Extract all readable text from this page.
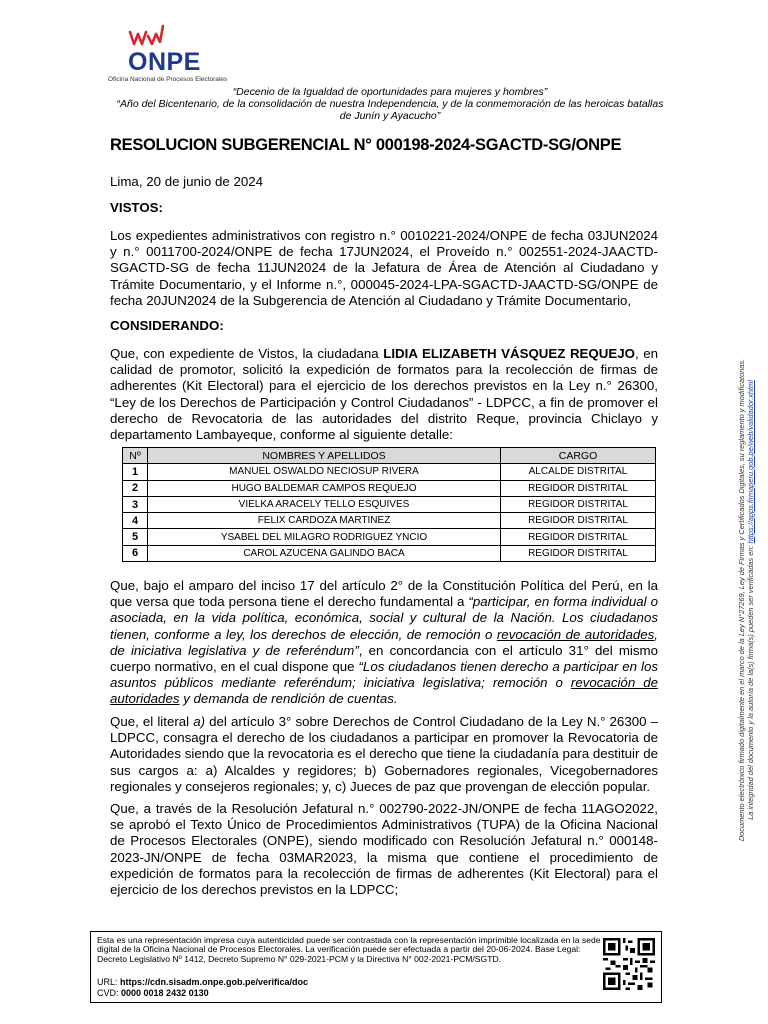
ONPE
Oficina Nacional de Procesos Electorales
“Decenio de la Igualdad de oportunidades para mujeres y hombres”
“Año del Bicentenario, de la consolidación de nuestra Independencia, y de la conmemoración de las heroicas batallas
de Junín y Ayacucho”
RESOLUCION SUBGERENCIAL N° 000198-2024-SGACTD-SG/ONPE
Lima, 20 de junio de 2024
VISTOS:
Los expedientes administrativos con registro n.° 0010221-2024/ONPE de fecha 03JUN2024 y n.° 0011700-2024/ONPE de fecha 17JUN2024, el Proveído n.° 002551-2024-JAACTD-SGACTD-SG de fecha 11JUN2024 de la Jefatura de Área de Atención al Ciudadano y Trámite Documentario, y el Informe n.°, 000045-2024-LPA-SGACTD-JAACTD-SG/ONPE de fecha 20JUN2024 de la Subgerencia de Atención al Ciudadano y Trámite Documentario,
CONSIDERANDO:
Que, con expediente de Vistos, la ciudadana LIDIA ELIZABETH VÁSQUEZ REQUEJO, en calidad de promotor, solicitó la expedición de formatos para la recolección de firmas de adherentes (Kit Electoral) para el ejercicio de los derechos previstos en la Ley n.° 26300, “Ley de los Derechos de Participación y Control Ciudadanos” - LDPCC, a fin de promover el derecho de Revocatoria de las autoridades del distrito Reque, provincia Chiclayo y departamento Lambayeque, conforme al siguiente detalle:
Nº	NOMBRES Y APELLIDOS	CARGO
1	MANUEL OSWALDO NECIOSUP RIVERA	ALCALDE DISTRITAL
2	HUGO BALDEMAR CAMPOS REQUEJO	REGIDOR DISTRITAL
3	VIELKA ARACELY TELLO ESQUIVES	REGIDOR DISTRITAL
4	FELIX CARDOZA MARTINEZ	REGIDOR DISTRITAL
5	YSABEL DEL MILAGRO RODRIGUEZ YNCIO	REGIDOR DISTRITAL
6	CAROL AZUCENA GALINDO BACA	REGIDOR DISTRITAL
Que, bajo el amparo del inciso 17 del artículo 2° de la Constitución Política del Perú, en la que versa que toda persona tiene el derecho fundamental a “participar, en forma individual o asociada, en la vida política, económica, social y cultural de la Nación. Los ciudadanos tienen, conforme a ley, los derechos de elección, de remoción o revocación de autoridades, de iniciativa legislativa y de referéndum”, en concordancia con el artículo 31° del mismo cuerpo normativo, en el cual dispone que “Los ciudadanos tienen derecho a participar en los asuntos públicos mediante referéndum; iniciativa legislativa; remoción o revocación de autoridades y demanda de rendición de cuentas.
Que, el literal a) del artículo 3° sobre Derechos de Control Ciudadano de la Ley N.° 26300 – LDPCC, consagra el derecho de los ciudadanos a participar en promover la Revocatoria de Autoridades siendo que la revocatoria es el derecho que tiene la ciudadanía para destituir de sus cargos a: a) Alcaldes y regidores; b) Gobernadores regionales, Vicegobernadores regionales y consejeros regionales; y, c) Jueces de paz que provengan de elección popular.
Que, a través de la Resolución Jefatural n.° 002790-2022-JN/ONPE de fecha 11AGO2022, se aprobó el Texto Único de Procedimientos Administrativos (TUPA) de la Oficina Nacional de Procesos Electorales (ONPE), siendo modificado con Resolución Jefatural n.° 000148-2023-JN/ONPE de fecha 03MAR2023, la misma que contiene el procedimiento de expedición de formatos para la recolección de firmas de adherentes (Kit Electoral) para el ejercicio de los derechos previstos en la LDPCC;
Documento electrónico firmado digitalmente en el marco de la Ley N°27269, Ley de Firmas y Certificados Digitales, su reglamento y modificatorias. La integridad del documento y la autoría de la(s) firma(s) pueden ser verificadas en: https://apps.firmaperu.gob.pe/web/validador.xhtml
Esta es una representación impresa cuya autenticidad puede ser contrastada con la representación imprimible localizada en la sede digital de la Oficina Nacional de Procesos Electorales. La verificación puede ser efectuada a partir del 20-06-2024. Base Legal: Decreto Legislativo Nº 1412, Decreto Supremo N° 029-2021-PCM y la Directiva N° 002-2021-PCM/SGTD.
URL: https://cdn.sisadm.onpe.gob.pe/verifica/doc
CVD: 0000 0018 2432 0130
